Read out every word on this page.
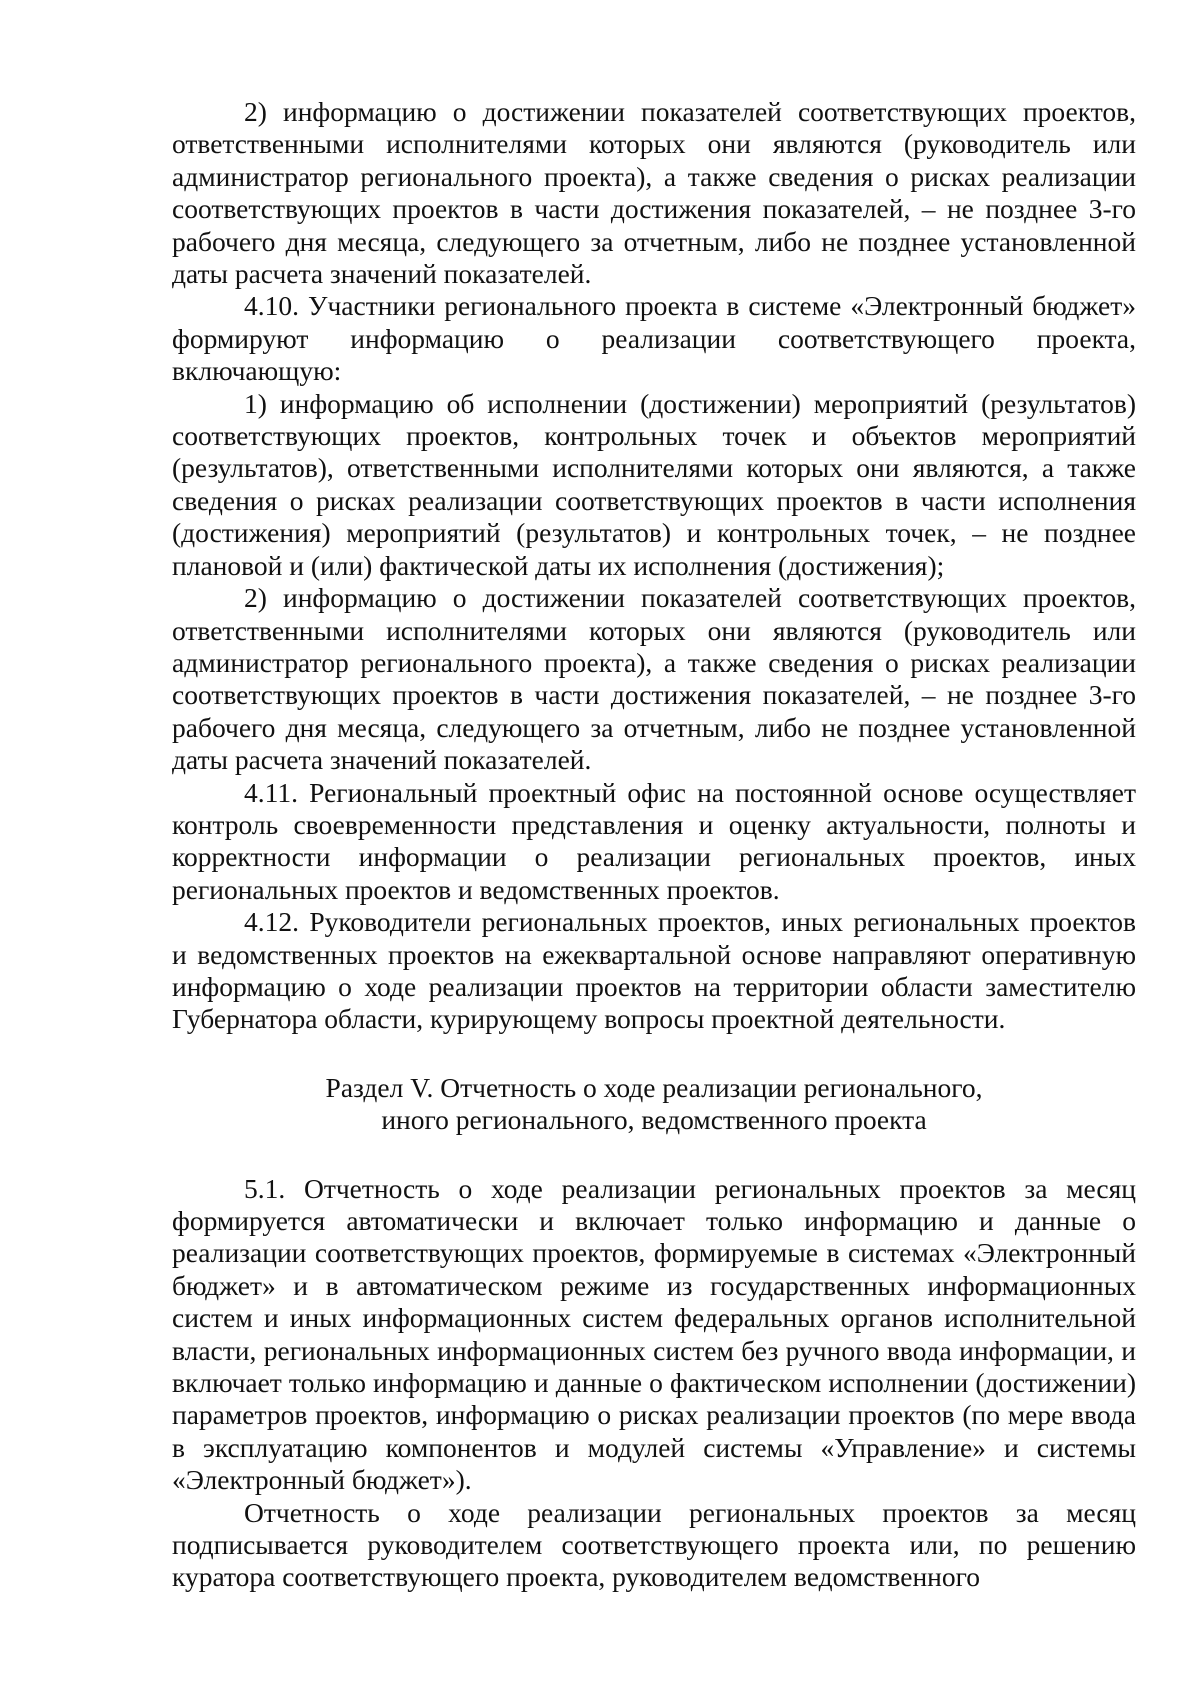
2) информацию о достижении показателей соответствующих проектов, ответственными исполнителями которых они являются (руководитель или администратор регионального проекта), а также сведения о рисках реализации соответствующих проектов в части достижения показателей, – не позднее 3-го рабочего дня месяца, следующего за отчетным, либо не позднее установленной даты расчета значений показателей.

4.10. Участники регионального проекта в системе «Электронный бюджет» формируют информацию о реализации соответствующего проекта, включающую:

1) информацию об исполнении (достижении) мероприятий (результатов) соответствующих проектов, контрольных точек и объектов мероприятий (результатов), ответственными исполнителями которых они являются, а также сведения о рисках реализации соответствующих проектов в части исполнения (достижения) мероприятий (результатов) и контрольных точек, – не позднее плановой и (или) фактической даты их исполнения (достижения);

2) информацию о достижении показателей соответствующих проектов, ответственными исполнителями которых они являются (руководитель или администратор регионального проекта), а также сведения о рисках реализации соответствующих проектов в части достижения показателей, – не позднее 3-го рабочего дня месяца, следующего за отчетным, либо не позднее установленной даты расчета значений показателей.

4.11. Региональный проектный офис на постоянной основе осуществляет контроль своевременности представления и оценку актуальности, полноты и корректности информации о реализации региональных проектов, иных региональных проектов и ведомственных проектов.

4.12. Руководители региональных проектов, иных региональных проектов и ведомственных проектов на ежеквартальной основе направляют оперативную информацию о ходе реализации проектов на территории области заместителю Губернатора области, курирующему вопросы проектной деятельности.

Раздел V. Отчетность о ходе реализации регионального,
иного регионального, ведомственного проекта

5.1. Отчетность о ходе реализации региональных проектов за месяц формируется автоматически и включает только информацию и данные о реализации соответствующих проектов, формируемые в системах «Электронный бюджет» и в автоматическом режиме из государственных информационных систем и иных информационных систем федеральных органов исполнительной власти, региональных информационных систем без ручного ввода информации, и включает только информацию и данные о фактическом исполнении (достижении) параметров проектов, информацию о рисках реализации проектов (по мере ввода в эксплуатацию компонентов и модулей системы «Управление» и системы «Электронный бюджет»).

Отчетность о ходе реализации региональных проектов за месяц подписывается руководителем соответствующего проекта или, по решению куратора соответствующего проекта, руководителем ведомственного
